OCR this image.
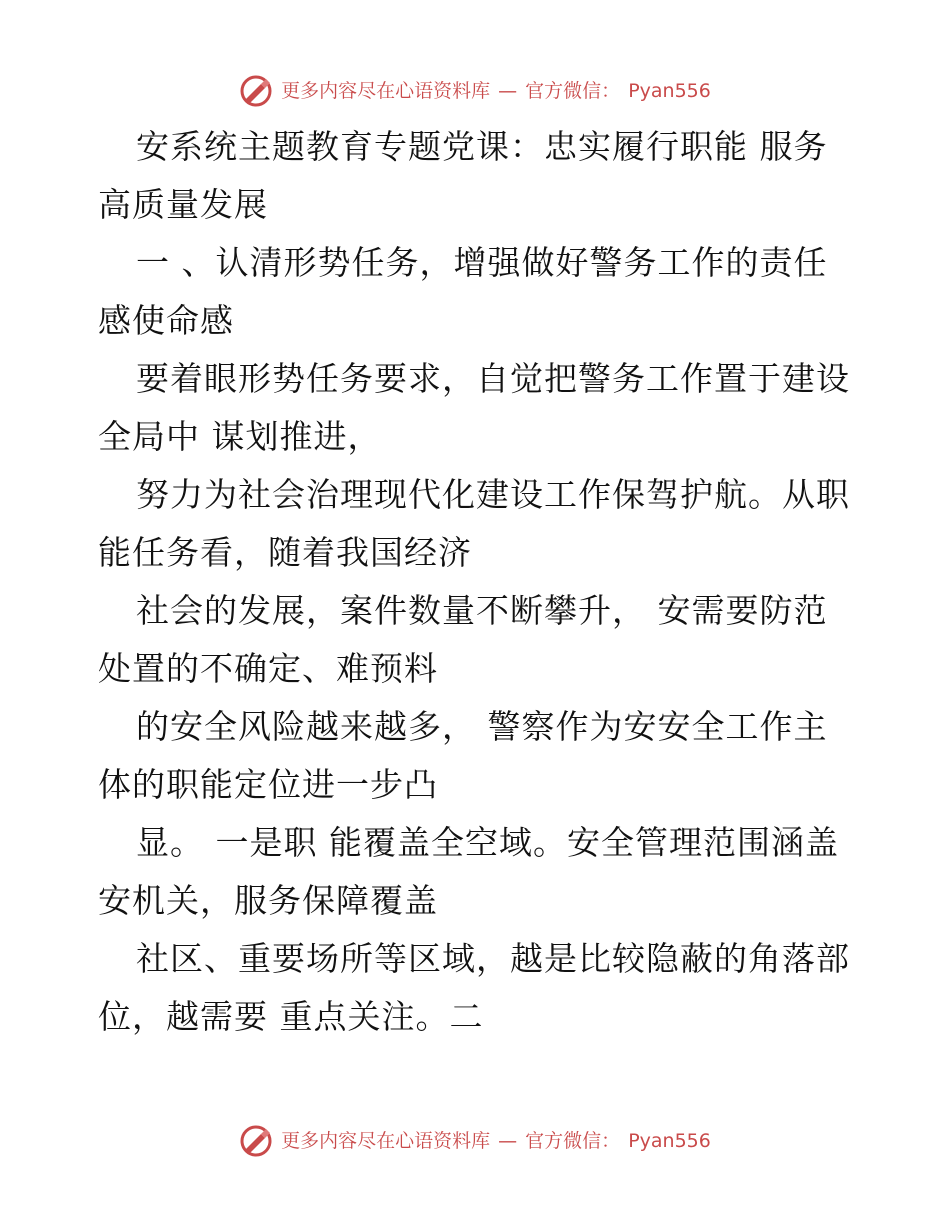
更多内容尽在心语资料库 — 官方微信： Pyan556

安系统主题教育专题党课：忠实履行职能 服务高质量发展

一 、认清形势任务，增强做好警务工作的责任感使命感

要着眼形势任务要求，自觉把警务工作置于建设全局中 谋划推进，

努力为社会治理现代化建设工作保驾护航。从职能任务看，随着我国经济

社会的发展，案件数量不断攀升， 安需要防范处置的不确定、难预料

的安全风险越来越多， 警察作为安安全工作主体的职能定位进一步凸

显。 一是职 能覆盖全空域。安全管理范围涵盖安机关，服务保障覆盖

社区、重要场所等区域，越是比较隐蔽的角落部位，越需要 重点关注。二

更多内容尽在心语资料库 — 官方微信： Pyan556
